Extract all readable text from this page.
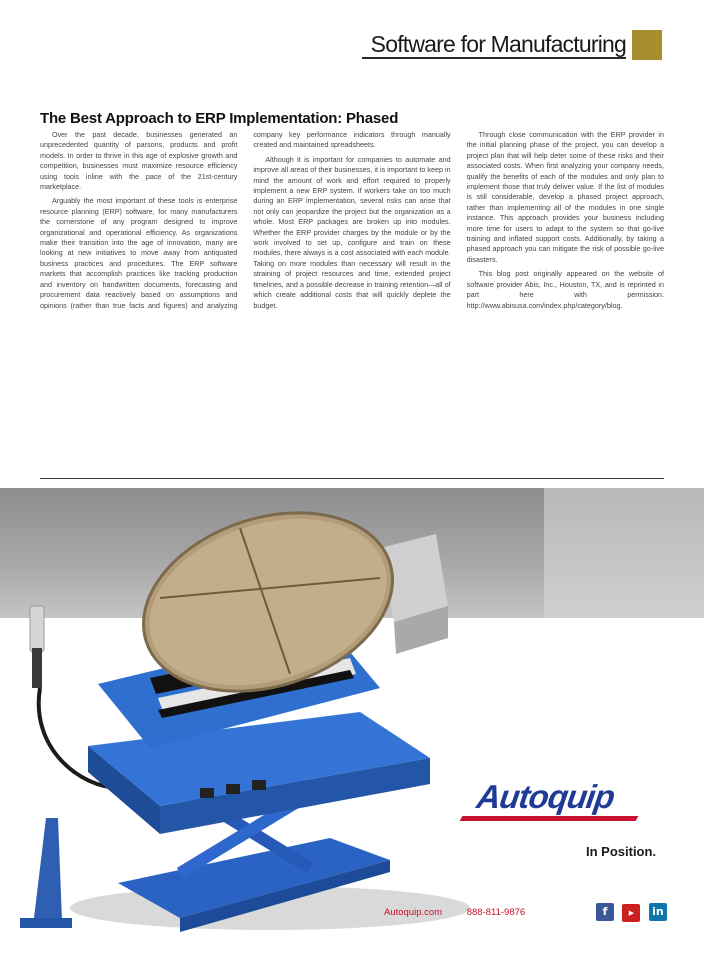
Software for Manufacturing
The Best Approach to ERP Implementation: Phased

Over the past decade, businesses generated an unprecedented quantity of parsons, products and profit models. In order to thrive in this age of explosive growth and competition, businesses must maximize resource efficiency using tools inline with the pace of the 21st-century marketplace.

Arguably the most important of these tools is enterprise resource planning (ERP) software, for many manufacturers the cornerstone of any program designed to improve organizational and operational efficiency. As organizations make their transition into the age of innovation, many are looking at new initiatives to move away from antiquated business practices and procedures. The ERP software markets that accomplish practices like tracking production and inventory on handwritten documents, forecasting and procurement data reactively based on assumptions and opinions (rather than true facts and figures) and analyzing company key performance indicators through manually created and maintained spreadsheets.

Although it is important for companies to automate and improve all areas of their businesses, it is important to keep in mind the amount of work and effort required to properly implement a new ERP system. If workers take on too much during an ERP implementation, several risks can arise that not only can jeopardize the project but the organization as a whole. Most ERP packages are broken up into modules. Whether the ERP provider charges by the module or by the work involved to set up, configure and train on these modules, there always is a cost associated with each module. Taking on more modules than necessary will result in the straining of project resources and time, extended project timelines, and a possible decrease in training retention—all of which create additional costs that will quickly deplete the budget.

Through close communication with the ERP provider in the initial planning phase of the project, you can develop a project plan that will help deter some of these risks and their associated costs. When first analyzing your company needs, qualify the benefits of each of the modules and only plan to implement those that truly deliver value. If the list of modules is still considerable, develop a phased project approach, rather than implementing all of the modules in one single instance. This approach provides your business including more time for users to adapt to the system so that go-live training and inflated support costs. Additionally, by taking a phased approach you can mitigate the risk of possible go-live disasters.

This blog post originally appeared on the website of software provider Abis, Inc., Houston, TX, and is reprinted in part here with permission. http://www.abisusa.com/index.php/category/blog.

Autoquip
In Position.
Autoquip.com	888-811-9876	f	▶ in
